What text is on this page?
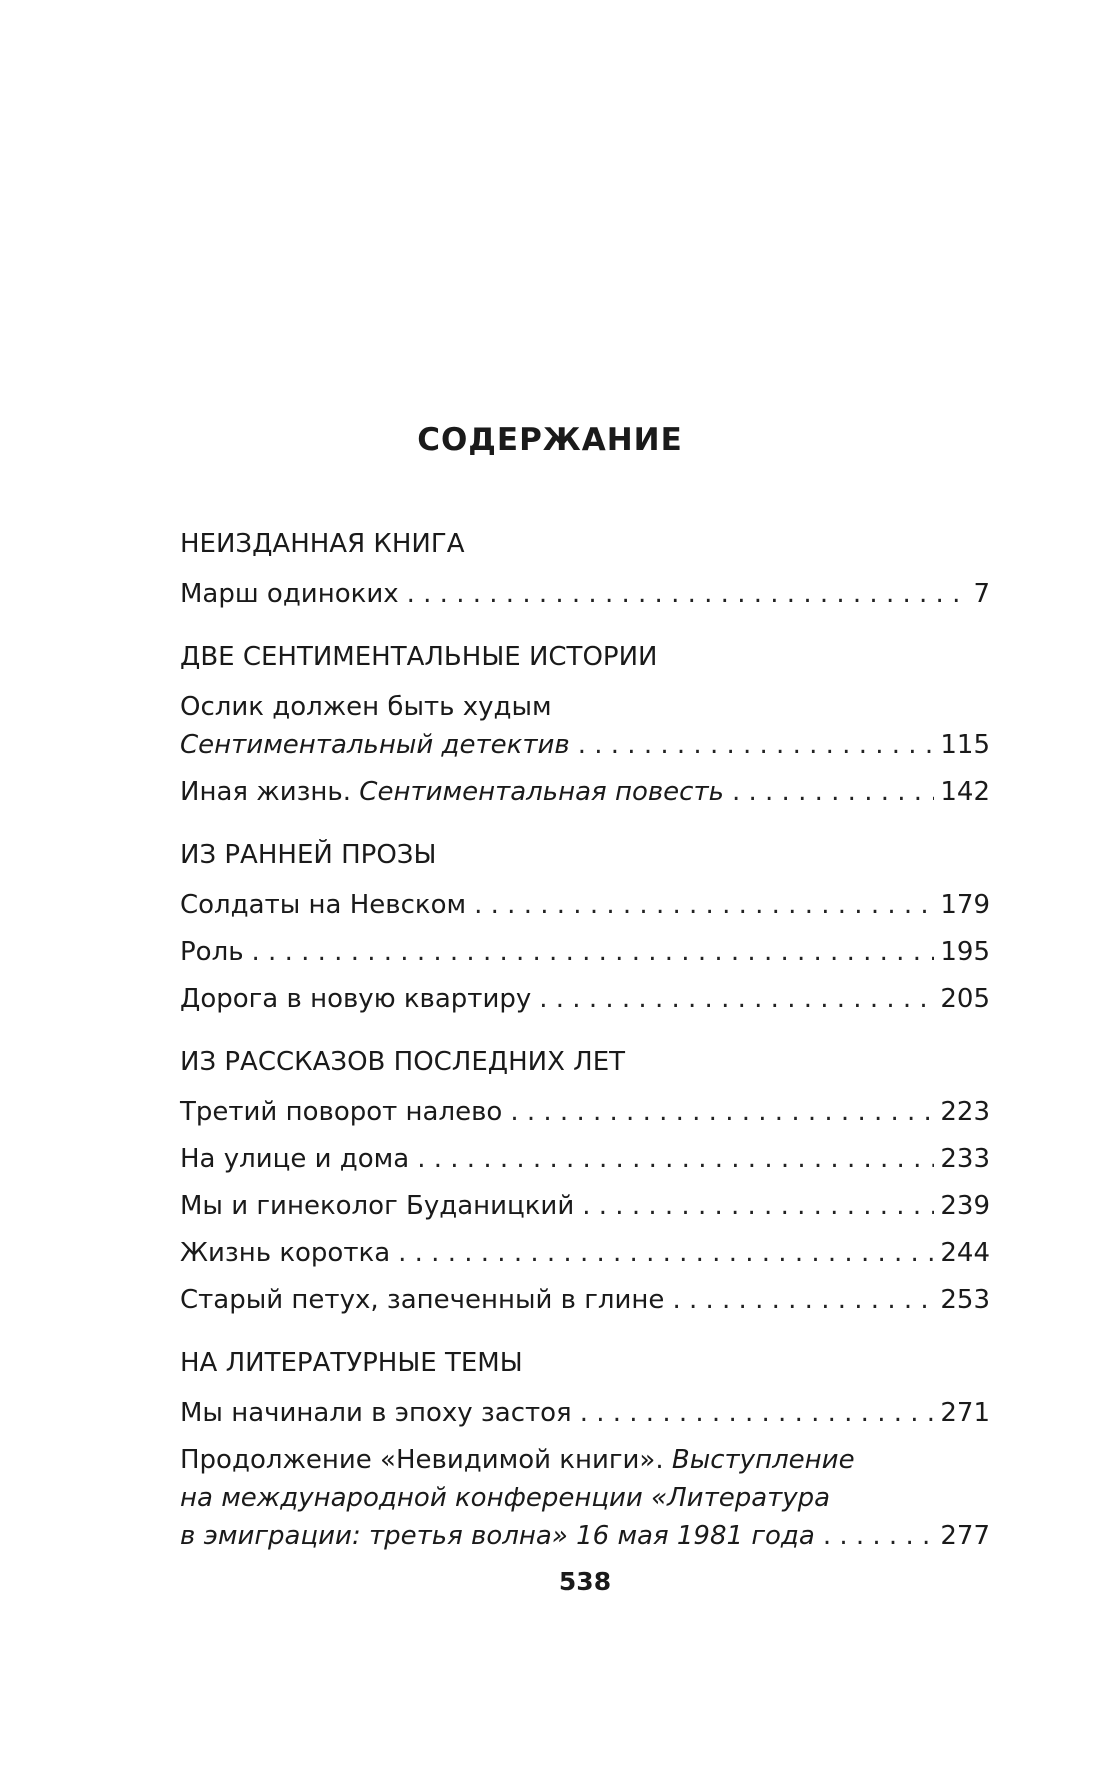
СОДЕРЖАНИЕ
НЕИЗДАННАЯ КНИГА
Марш одиноких . . .	7
ДВЕ СЕНТИМЕНТАЛЬНЫЕ ИСТОРИИ
Ослик должен быть худым
Сентиментальный детектив . . .	115
Иная жизнь. Сентиментальная повесть . . .	142
ИЗ РАННЕЙ ПРОЗЫ
Солдаты на Невском . . .	179
Роль . . .	195
Дорога в новую квартиру . . .	205
ИЗ РАССКАЗОВ ПОСЛЕДНИХ ЛЕТ
Третий поворот налево . . .	223
На улице и дома . . .	233
Мы и гинеколог Буданицкий . . .	239
Жизнь коротка . . .	244
Старый петух, запеченный в глине . . .	253
НА ЛИТЕРАТУРНЫЕ ТЕМЫ
Мы начинали в эпоху застоя . . .	271
Продолжение «Невидимой книги». Выступление
на международной конференции «Литература
в эмиграции: третья волна» 16 мая 1981 года . . .	277
538
